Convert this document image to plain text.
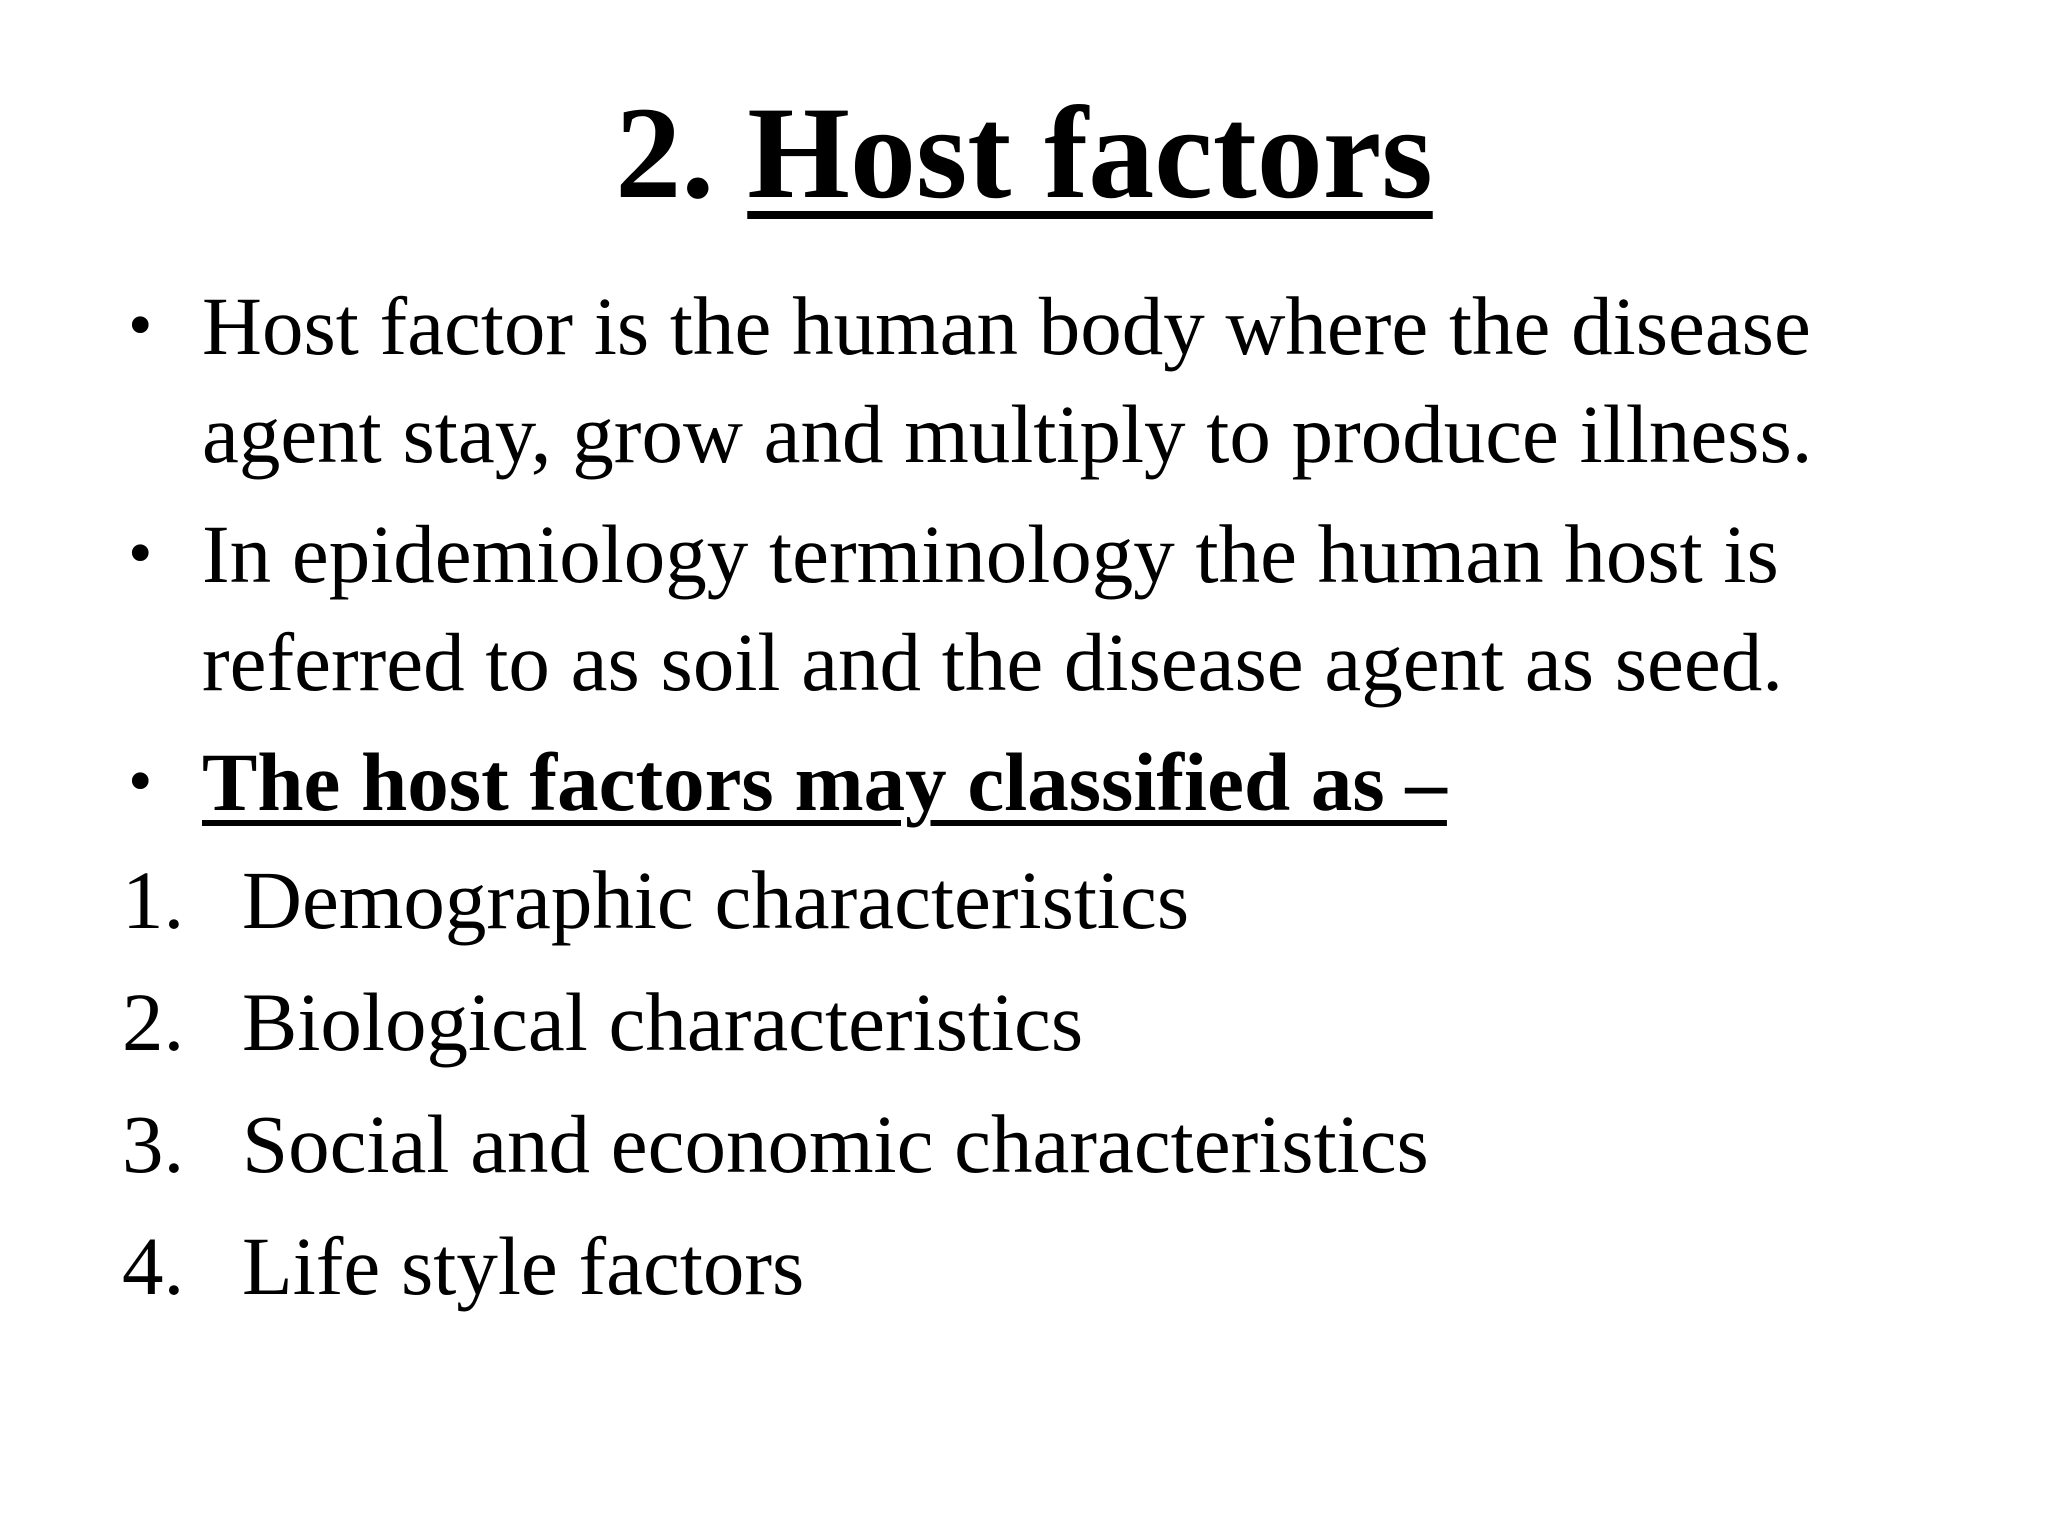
2. Host factors
• Host factor is the human body where the disease agent stay, grow and multiply to produce illness.
• In epidemiology terminology the human host is referred to as soil and the disease agent as seed.
• The host factors may classified as –
1. Demographic characteristics
2. Biological characteristics
3. Social and economic characteristics
4. Life style factors
